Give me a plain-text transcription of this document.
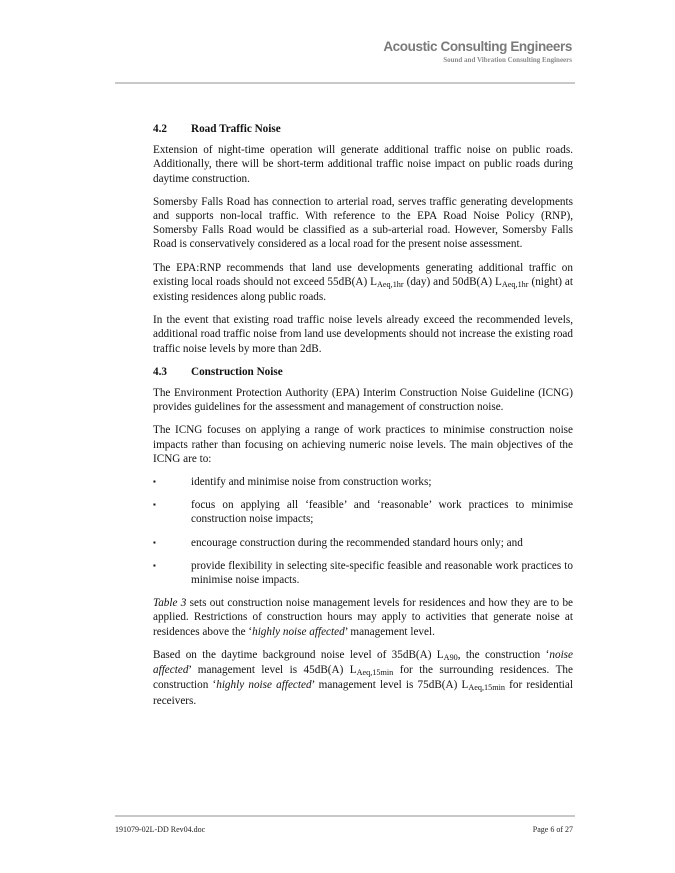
Acoustic Consulting Engineers
Sound and Vibration Consulting Engineers
4.2	Road Traffic Noise

Extension of night-time operation will generate additional traffic noise on public roads. Additionally, there will be short-term additional traffic noise impact on public roads during daytime construction.

Somersby Falls Road has connection to arterial road, serves traffic generating developments and supports non-local traffic. With reference to the EPA Road Noise Policy (RNP), Somersby Falls Road would be classified as a sub-arterial road. However, Somersby Falls Road is conservatively considered as a local road for the present noise assessment.

The EPA:RNP recommends that land use developments generating additional traffic on existing local roads should not exceed 55dB(A) LAeq,1hr (day) and 50dB(A) LAeq,1hr (night) at existing residences along public roads.

In the event that existing road traffic noise levels already exceed the recommended levels, additional road traffic noise from land use developments should not increase the existing road traffic noise levels by more than 2dB.

4.3	Construction Noise

The Environment Protection Authority (EPA) Interim Construction Noise Guideline (ICNG) provides guidelines for the assessment and management of construction noise.

The ICNG focuses on applying a range of work practices to minimise construction noise impacts rather than focusing on achieving numeric noise levels. The main objectives of the ICNG are to:

▪	identify and minimise noise from construction works;
▪	focus on applying all ‘feasible’ and ‘reasonable’ work practices to minimise construction noise impacts;
▪	encourage construction during the recommended standard hours only; and
▪	provide flexibility in selecting site-specific feasible and reasonable work practices to minimise noise impacts.

Table 3 sets out construction noise management levels for residences and how they are to be applied. Restrictions of construction hours may apply to activities that generate noise at residences above the ‘highly noise affected’ management level.

Based on the daytime background noise level of 35dB(A) LA90, the construction ‘noise affected’ management level is 45dB(A) LAeq,15min for the surrounding residences. The construction ‘highly noise affected’ management level is 75dB(A) LAeq,15min for residential receivers.

191079-02L-DD Rev04.doc	Page 6 of 27
